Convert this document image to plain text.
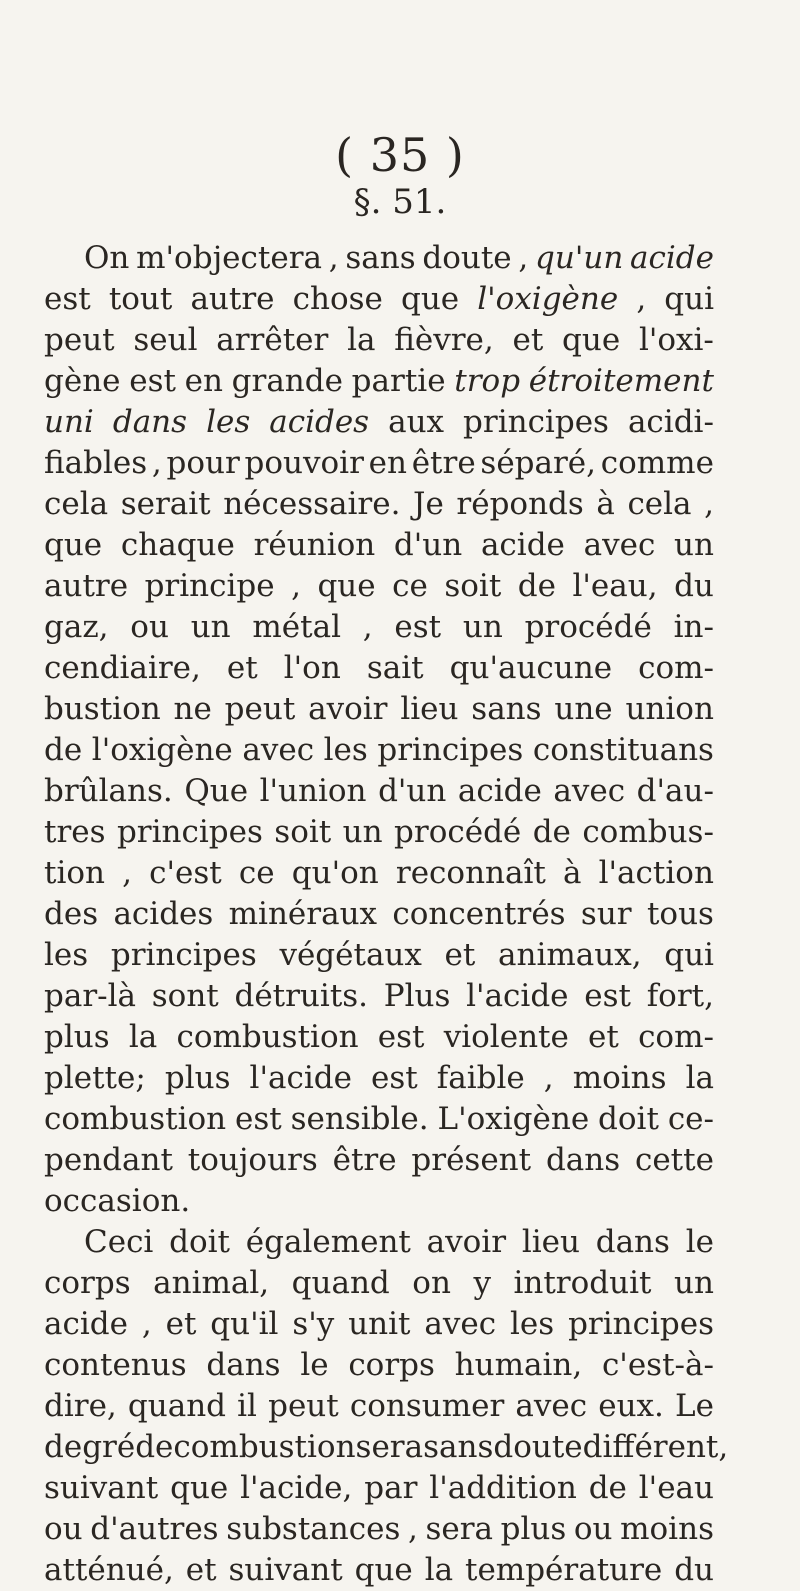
( 35 )
§. 51.
On m'objectera , sans doute , qu'un acide
est tout autre chose que l'oxigène , qui
peut seul arrêter la fièvre, et que l'oxi-
gène est en grande partie trop étroitement
uni dans les acides aux principes acidi-
fiables , pour pouvoir en être séparé, comme
cela serait nécessaire. Je réponds à cela ,
que chaque réunion d'un acide avec un
autre principe , que ce soit de l'eau, du
gaz, ou un métal , est un procédé in-
cendiaire, et l'on sait qu'aucune com-
bustion ne peut avoir lieu sans une union
de l'oxigène avec les principes constituans
brûlans. Que l'union d'un acide avec d'au-
tres principes soit un procédé de combus-
tion , c'est ce qu'on reconnaît à l'action
des acides minéraux concentrés sur tous
les principes végétaux et animaux, qui
par-là sont détruits. Plus l'acide est fort,
plus la combustion est violente et com-
plette; plus l'acide est faible , moins la
combustion est sensible. L'oxigène doit ce-
pendant toujours être présent dans cette
occasion.
Ceci doit également avoir lieu dans le
corps animal, quand on y introduit un
acide , et qu'il s'y unit avec les principes
contenus dans le corps humain, c'est-à-
dire, quand il peut consumer avec eux. Le
degré de combustion sera sans doute différent,
suivant que l'acide, par l'addition de l'eau
ou d'autres substances , sera plus ou moins
atténué, et suivant que la température du
